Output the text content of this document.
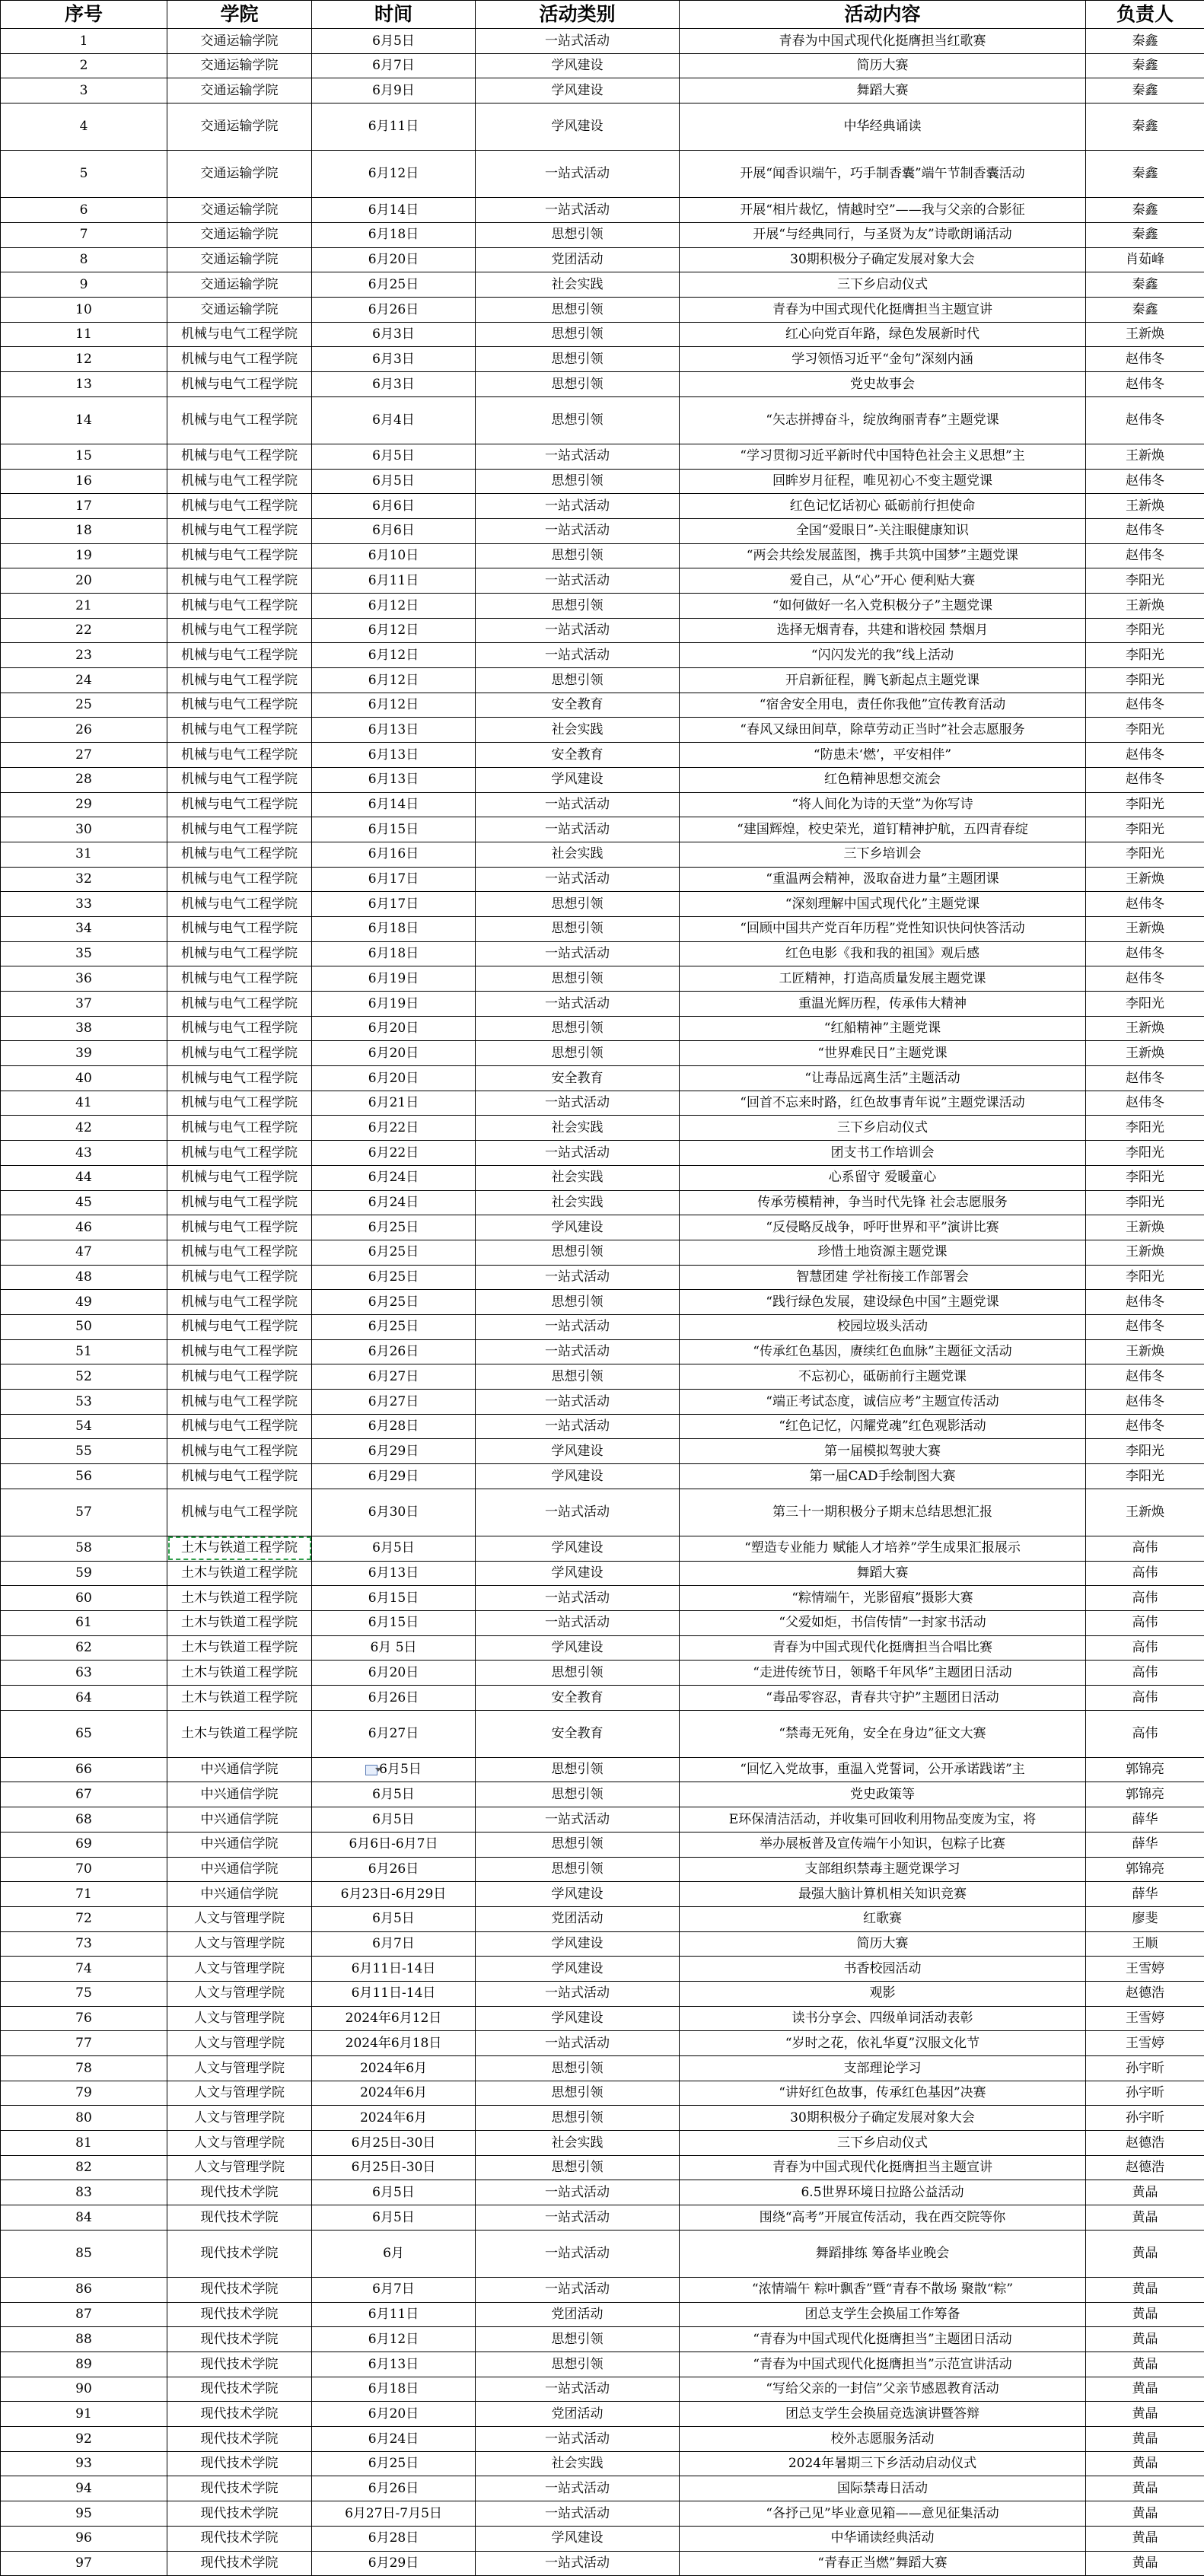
序号	学院	时间	活动类别	活动内容	负责人
1	交通运输学院	6月5日	一站式活动	青春为中国式现代化挺膺担当红歌赛	秦鑫
2	交通运输学院	6月7日	学风建设	简历大赛	秦鑫
3	交通运输学院	6月9日	学风建设	舞蹈大赛	秦鑫
4	交通运输学院	6月11日	学风建设	中华经典诵读	秦鑫
5	交通运输学院	6月12日	一站式活动	开展“闻香识端午，巧手制香囊”端午节制香囊活动	秦鑫
6	交通运输学院	6月14日	一站式活动	开展“相片裁忆，情越时空”——我与父亲的合影征	秦鑫
7	交通运输学院	6月18日	思想引领	开展“与经典同行，与圣贤为友”诗歌朗诵活动	秦鑫
8	交通运输学院	6月20日	党团活动	30期积极分子确定发展对象大会	肖茹峰
9	交通运输学院	6月25日	社会实践	三下乡启动仪式	秦鑫
10	交通运输学院	6月26日	思想引领	青春为中国式现代化挺膺担当主题宣讲	秦鑫
11	机械与电气工程学院	6月3日	思想引领	红心向党百年路，绿色发展新时代	王新焕
12	机械与电气工程学院	6月3日	思想引领	学习领悟习近平“金句”深刻内涵	赵伟冬
13	机械与电气工程学院	6月3日	思想引领	党史故事会	赵伟冬
14	机械与电气工程学院	6月4日	思想引领	“矢志拼搏奋斗，绽放绚丽青春”主题党课	赵伟冬
15	机械与电气工程学院	6月5日	一站式活动	“学习贯彻习近平新时代中国特色社会主义思想”主	王新焕
16	机械与电气工程学院	6月5日	思想引领	回眸岁月征程，唯见初心不变主题党课	赵伟冬
17	机械与电气工程学院	6月6日	一站式活动	红色记忆话初心 砥砺前行担使命	王新焕
18	机械与电气工程学院	6月6日	一站式活动	全国“爱眼日”-关注眼健康知识	赵伟冬
19	机械与电气工程学院	6月10日	思想引领	“两会共绘发展蓝图，携手共筑中国梦”主题党课	赵伟冬
20	机械与电气工程学院	6月11日	一站式活动	爱自己，从“心”开心 便利贴大赛	李阳光
21	机械与电气工程学院	6月12日	思想引领	“如何做好一名入党积极分子”主题党课	王新焕
22	机械与电气工程学院	6月12日	一站式活动	选择无烟青春，共建和谐校园 禁烟月	李阳光
23	机械与电气工程学院	6月12日	一站式活动	“闪闪发光的我”线上活动	李阳光
24	机械与电气工程学院	6月12日	思想引领	开启新征程，腾飞新起点主题党课	李阳光
25	机械与电气工程学院	6月12日	安全教育	“宿舍安全用电，责任你我他”宣传教育活动	赵伟冬
26	机械与电气工程学院	6月13日	社会实践	“春风又绿田间草，除草劳动正当时”社会志愿服务	李阳光
27	机械与电气工程学院	6月13日	安全教育	“防患未‘燃’，平安相伴”	赵伟冬
28	机械与电气工程学院	6月13日	学风建设	红色精神思想交流会	赵伟冬
29	机械与电气工程学院	6月14日	一站式活动	“将人间化为诗的天堂”为你写诗	李阳光
30	机械与电气工程学院	6月15日	一站式活动	“建国辉煌，校史荣光，道钉精神护航，五四青春绽	李阳光
31	机械与电气工程学院	6月16日	社会实践	三下乡培训会	李阳光
32	机械与电气工程学院	6月17日	一站式活动	“重温两会精神，汲取奋进力量”主题团课	王新焕
33	机械与电气工程学院	6月17日	思想引领	“深刻理解中国式现代化”主题党课	赵伟冬
34	机械与电气工程学院	6月18日	思想引领	“回顾中国共产党百年历程”党性知识快问快答活动	王新焕
35	机械与电气工程学院	6月18日	一站式活动	红色电影《我和我的祖国》观后感	赵伟冬
36	机械与电气工程学院	6月19日	思想引领	工匠精神，打造高质量发展主题党课	赵伟冬
37	机械与电气工程学院	6月19日	一站式活动	重温光辉历程，传承伟大精神	李阳光
38	机械与电气工程学院	6月20日	思想引领	“红船精神”主题党课	王新焕
39	机械与电气工程学院	6月20日	思想引领	“世界难民日”主题党课	王新焕
40	机械与电气工程学院	6月20日	安全教育	“让毒品远离生活”主题活动	赵伟冬
41	机械与电气工程学院	6月21日	一站式活动	“回首不忘来时路，红色故事青年说”主题党课活动	赵伟冬
42	机械与电气工程学院	6月22日	社会实践	三下乡启动仪式	李阳光
43	机械与电气工程学院	6月22日	一站式活动	团支书工作培训会	李阳光
44	机械与电气工程学院	6月24日	社会实践	心系留守 爱暖童心	李阳光
45	机械与电气工程学院	6月24日	社会实践	传承劳模精神，争当时代先锋 社会志愿服务	李阳光
46	机械与电气工程学院	6月25日	学风建设	“反侵略反战争，呼吁世界和平”演讲比赛	王新焕
47	机械与电气工程学院	6月25日	思想引领	珍惜土地资源主题党课	王新焕
48	机械与电气工程学院	6月25日	一站式活动	智慧团建 学社衔接工作部署会	李阳光
49	机械与电气工程学院	6月25日	思想引领	“践行绿色发展，建设绿色中国”主题党课	赵伟冬
50	机械与电气工程学院	6月25日	一站式活动	校园垃圾头活动	赵伟冬
51	机械与电气工程学院	6月26日	一站式活动	“传承红色基因，赓续红色血脉”主题征文活动	王新焕
52	机械与电气工程学院	6月27日	思想引领	不忘初心，砥砺前行主题党课	赵伟冬
53	机械与电气工程学院	6月27日	一站式活动	“端正考试态度，诚信应考”主题宣传活动	赵伟冬
54	机械与电气工程学院	6月28日	一站式活动	“红色记忆，闪耀党魂”红色观影活动	赵伟冬
55	机械与电气工程学院	6月29日	学风建设	第一届模拟驾驶大赛	李阳光
56	机械与电气工程学院	6月29日	学风建设	第一届CAD手绘制图大赛	李阳光
57	机械与电气工程学院	6月30日	一站式活动	第三十一期积极分子期末总结思想汇报	王新焕
58	土木与铁道工程学院	6月5日	学风建设	“塑造专业能力 赋能人才培养”学生成果汇报展示	高伟
59	土木与铁道工程学院	6月13日	学风建设	舞蹈大赛	高伟
60	土木与铁道工程学院	6月15日	一站式活动	“粽情端午，光影留痕”摄影大赛	高伟
61	土木与铁道工程学院	6月15日	一站式活动	“父爱如炬，书信传情”一封家书活动	高伟
62	土木与铁道工程学院	6月 5日	学风建设	青春为中国式现代化挺膺担当合唱比赛	高伟
63	土木与铁道工程学院	6月20日	思想引领	“走进传统节日，领略千年风华”主题团日活动	高伟
64	土木与铁道工程学院	6月26日	安全教育	“毒品零容忍，青春共守护”主题团日活动	高伟
65	土木与铁道工程学院	6月27日	安全教育	“禁毒无死角，安全在身边”征文大赛	高伟
66	中兴通信学院	6月5日	思想引领	“回忆入党故事，重温入党誓词，公开承诺践诺”主	郭锦亮
67	中兴通信学院	6月5日	思想引领	党史政策等	郭锦亮
68	中兴通信学院	6月5日	一站式活动	E环保清洁活动，并收集可回收利用物品变废为宝，将	薛华
69	中兴通信学院	6月6日-6月7日	思想引领	举办展板普及宣传端午小知识，包粽子比赛	薛华
70	中兴通信学院	6月26日	思想引领	支部组织禁毒主题党课学习	郭锦亮
71	中兴通信学院	6月23日-6月29日	学风建设	最强大脑计算机相关知识竞赛	薛华
72	人文与管理学院	6月5日	党团活动	红歌赛	廖斐
73	人文与管理学院	6月7日	学风建设	简历大赛	王顺
74	人文与管理学院	6月11日-14日	学风建设	书香校园活动	王雪婷
75	人文与管理学院	6月11日-14日	一站式活动	观影	赵德浩
76	人文与管理学院	2024年6月12日	学风建设	读书分享会、四级单词活动表彰	王雪婷
77	人文与管理学院	2024年6月18日	一站式活动	“岁时之花，依礼华夏”汉服文化节	王雪婷
78	人文与管理学院	2024年6月	思想引领	支部理论学习	孙宇昕
79	人文与管理学院	2024年6月	思想引领	“讲好红色故事，传承红色基因”决赛	孙宇昕
80	人文与管理学院	2024年6月	思想引领	30期积极分子确定发展对象大会	孙宇昕
81	人文与管理学院	6月25日-30日	社会实践	三下乡启动仪式	赵德浩
82	人文与管理学院	6月25日-30日	思想引领	青春为中国式现代化挺膺担当主题宣讲	赵德浩
83	现代技术学院	6月5日	一站式活动	6.5世界环境日拉路公益活动	黄晶
84	现代技术学院	6月5日	一站式活动	围绕“高考”开展宣传活动，我在西交院等你	黄晶
85	现代技术学院	6月	一站式活动	舞蹈排练 筹备毕业晚会	黄晶
86	现代技术学院	6月7日	一站式活动	“浓情端午 粽叶飘香”暨“青春不散场 聚散“粽”	黄晶
87	现代技术学院	6月11日	党团活动	团总支学生会换届工作筹备	黄晶
88	现代技术学院	6月12日	思想引领	“青春为中国式现代化挺膺担当”主题团日活动	黄晶
89	现代技术学院	6月13日	思想引领	“青春为中国式现代化挺膺担当”示范宣讲活动	黄晶
90	现代技术学院	6月18日	一站式活动	“写给父亲的一封信”父亲节感恩教育活动	黄晶
91	现代技术学院	6月20日	党团活动	团总支学生会换届竞选演讲暨答辩	黄晶
92	现代技术学院	6月24日	一站式活动	校外志愿服务活动	黄晶
93	现代技术学院	6月25日	社会实践	2024年暑期三下乡活动启动仪式	黄晶
94	现代技术学院	6月26日	一站式活动	国际禁毒日活动	黄晶
95	现代技术学院	6月27日-7月5日	一站式活动	“各抒己见”毕业意见箱——意见征集活动	黄晶
96	现代技术学院	6月28日	学风建设	中华诵读经典活动	黄晶
97	现代技术学院	6月29日	一站式活动	“青春正当燃”舞蹈大赛	黄晶
